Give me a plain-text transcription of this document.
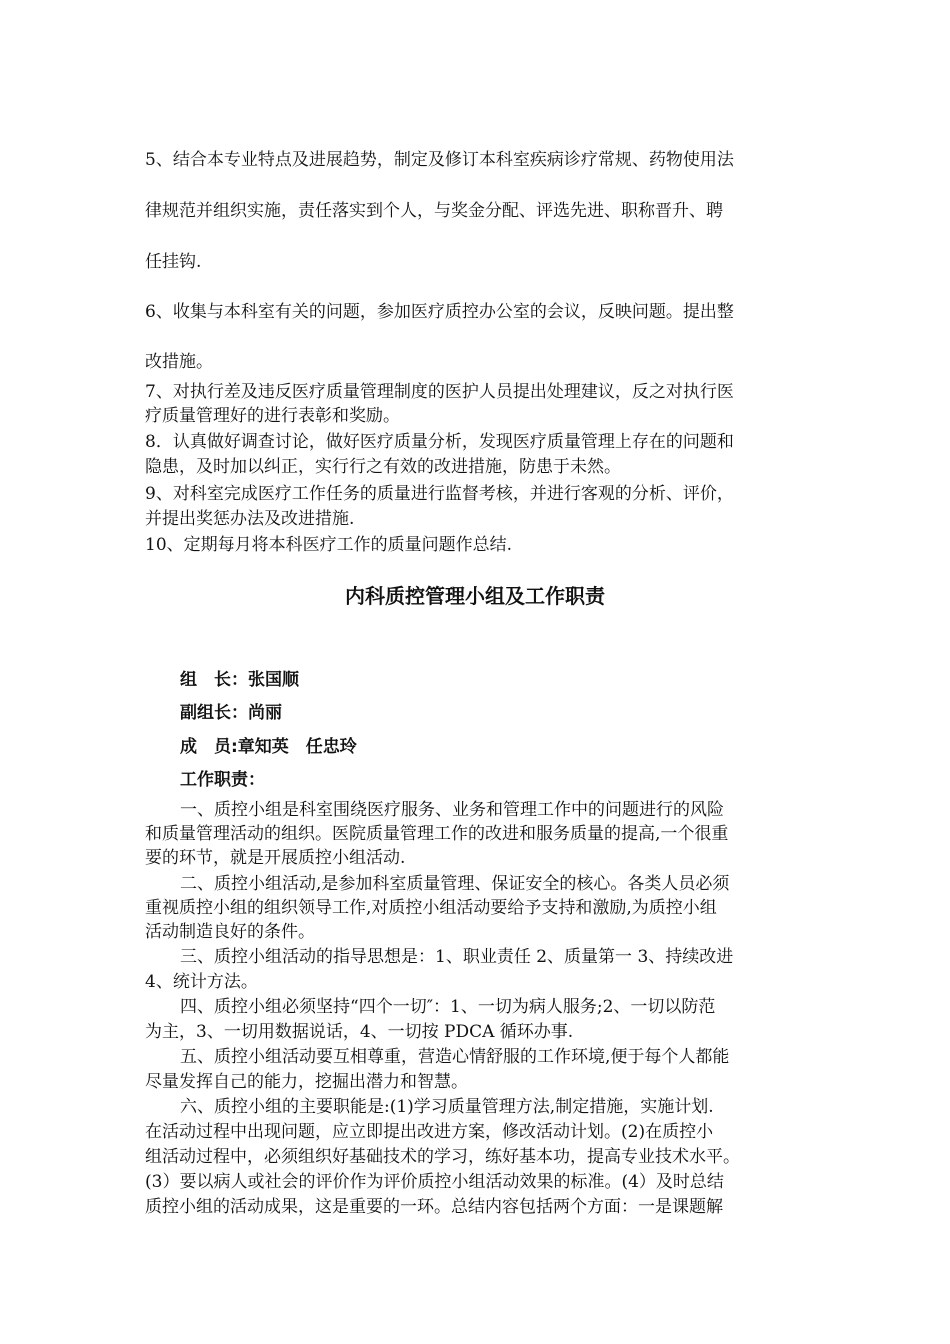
5、结合本专业特点及进展趋势，制定及修订本科室疾病诊疗常规、药物使用法

律规范并组织实施，责任落实到个人，与奖金分配、评选先进、职称晋升、聘

任挂钩.

6、收集与本科室有关的问题，参加医疗质控办公室的会议，反映问题。提出整

改措施。

7、对执行差及违反医疗质量管理制度的医护人员提出处理建议，反之对执行医

疗质量管理好的进行表彰和奖励。

8．认真做好调查讨论，做好医疗质量分析，发现医疗质量管理上存在的问题和

隐患，及时加以纠正，实行行之有效的改进措施，防患于未然。

9、对科室完成医疗工作任务的质量进行监督考核，并进行客观的分析、评价，

并提出奖惩办法及改进措施.

10、定期每月将本科医疗工作的质量问题作总结.

内科质控管理小组及工作职责

组　长：张国顺

副组长：尚丽

成　员:章知英　任忠玲

工作职责：

一、质控小组是科室围绕医疗服务、业务和管理工作中的问题进行的风险

和质量管理活动的组织。医院质量管理工作的改进和服务质量的提高,一个很重

要的环节，就是开展质控小组活动.

二、质控小组活动,是参加科室质量管理、保证安全的核心。各类人员必须

重视质控小组的组织领导工作,对质控小组活动要给予支持和激励,为质控小组

活动制造良好的条件。

三、质控小组活动的指导思想是：1、职业责任 2、质量第一 3、持续改进

4、统计方法。

四、质控小组必须坚持“四个一切″：1、一切为病人服务;2、一切以防范

为主，3、一切用数据说话，4、一切按 PDCA 循环办事.

五、质控小组活动要互相尊重，营造心情舒服的工作环境,便于每个人都能

尽量发挥自己的能力，挖掘出潜力和智慧。

六、质控小组的主要职能是:(1)学习质量管理方法,制定措施，实施计划.

在活动过程中出现问题，应立即提出改进方案，修改活动计划。(2)在质控小

组活动过程中，必须组织好基础技术的学习，练好基本功，提高专业技术水平。

(3）要以病人或社会的评价作为评价质控小组活动效果的标准。(4）及时总结

质控小组的活动成果，这是重要的一环。总结内容包括两个方面：一是课题解
